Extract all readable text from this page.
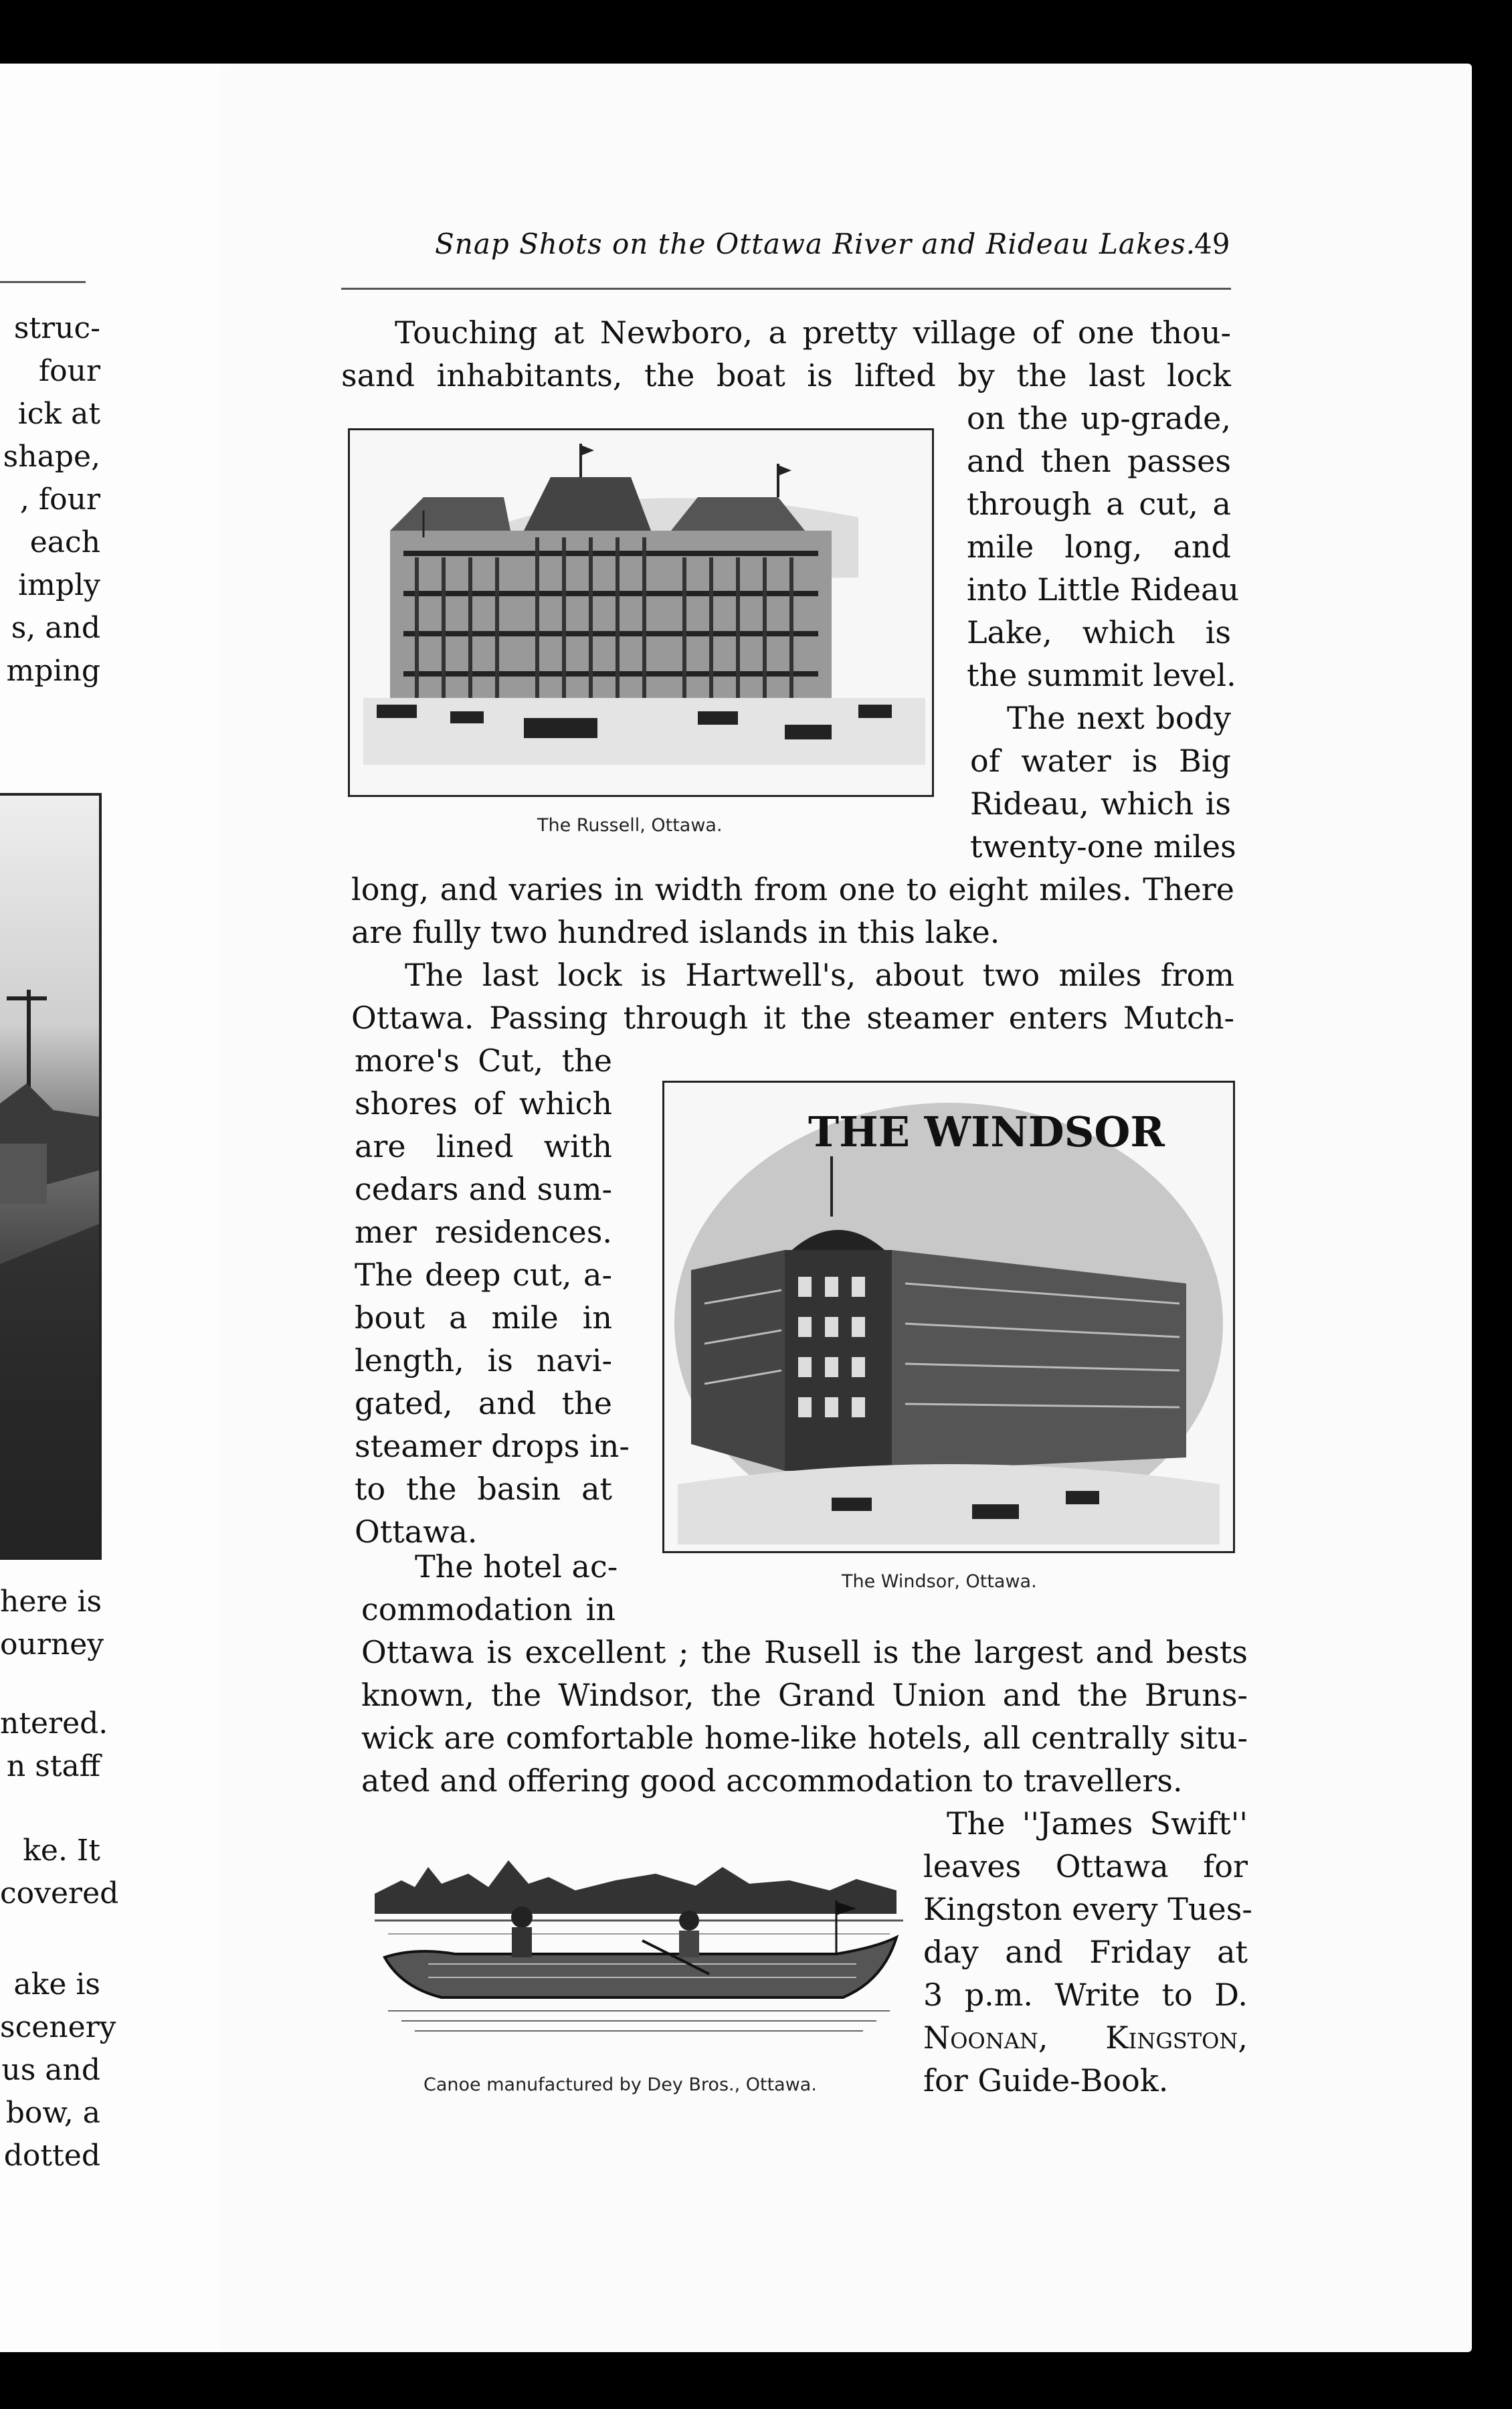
struc-
four
ick at
shape,
, four
each
imply
s, and
mping
here is
ourney
ntered.
n staff
ke. It
covered
ake is
scenery
us and
bow, a
dotted
Snap Shots on the Ottawa River and Rideau Lakes.
49
Touching at Newboro, a pretty village of one thou-
sand inhabitants, the boat is lifted by the last lock
on the up-grade,
and then passes
through a cut, a
mile long, and
into Little Rideau
Lake, which is
the summit level.
The next body
of water is Big
Rideau, which is
twenty-one miles
long, and varies in width from one to eight miles. There
are fully two hundred islands in this lake.
The Russell, Ottawa.
The last lock is Hartwell's, about two miles from
Ottawa. Passing through it the steamer enters Mutch-
more's Cut, the
shores of which
are lined with
cedars and sum-
mer residences.
The deep cut, a-
bout a mile in
length, is navi-
gated, and the
steamer drops in-
to the basin at
Ottawa.
THE WINDSOR
The Windsor, Ottawa.
The hotel ac-
commodation in
Ottawa is excellent ; the Rusell is the largest and bests
known, the Windsor, the Grand Union and the Bruns-
wick are comfortable home-like hotels, all centrally situ-
ated and offering good accommodation to travellers.
The ''James Swift''
leaves Ottawa for
Kingston every Tues-
day and Friday at
3 p.m. Write to D.
Noonan, Kingston,
for Guide-Book.
Canoe manufactured by Dey Bros., Ottawa.
